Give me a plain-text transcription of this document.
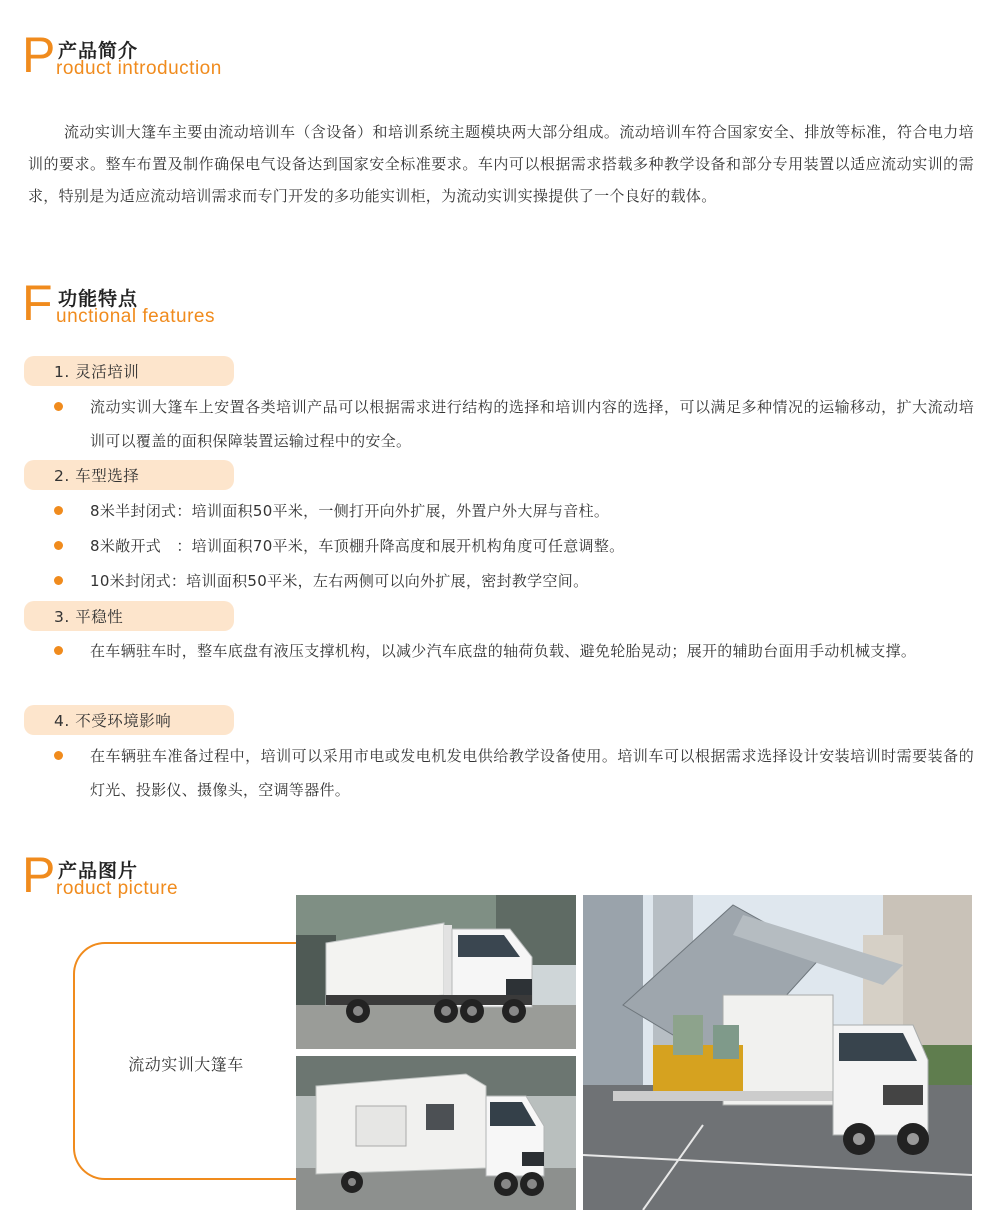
P 产品简介
roduct introduction

流动实训大篷车主要由流动培训车（含设备）和培训系统主题模块两大部分组成。流动培训车符合国家安全、排放等标准，符合电力培训的要求。整车布置及制作确保电气设备达到国家安全标准要求。车内可以根据需求搭载多种教学设备和部分专用装置以适应流动实训的需求，特别是为适应流动培训需求而专门开发的多功能实训柜，为流动实训实操提供了一个良好的载体。

F 功能特点
unctional features
1. 灵活培训

流动实训大篷车上安置各类培训产品可以根据需求进行结构的选择和培训内容的选择，可以满足多种情况的运输移动，扩大流动培训可以覆盖的面积保障装置运输过程中的安全。

2. 车型选择

8米半封闭式：培训面积50平米，一侧打开向外扩展，外置户外大屏与音柱。

8米敞开式　：培训面积70平米，车顶棚升降高度和展开机构角度可任意调整。

10米封闭式：培训面积50平米，左右两侧可以向外扩展，密封教学空间。

3. 平稳性

在车辆驻车时，整车底盘有液压支撑机构，以减少汽车底盘的轴荷负载、避免轮胎晃动；展开的辅助台面用手动机械支撑。

4. 不受环境影响

在车辆驻车准备过程中，培训可以采用市电或发电机发电供给教学设备使用。培训车可以根据需求选择设计安装培训时需要装备的灯光、投影仪、摄像头，空调等器件。

P 产品图片
roduct picture
流动实训大篷车
